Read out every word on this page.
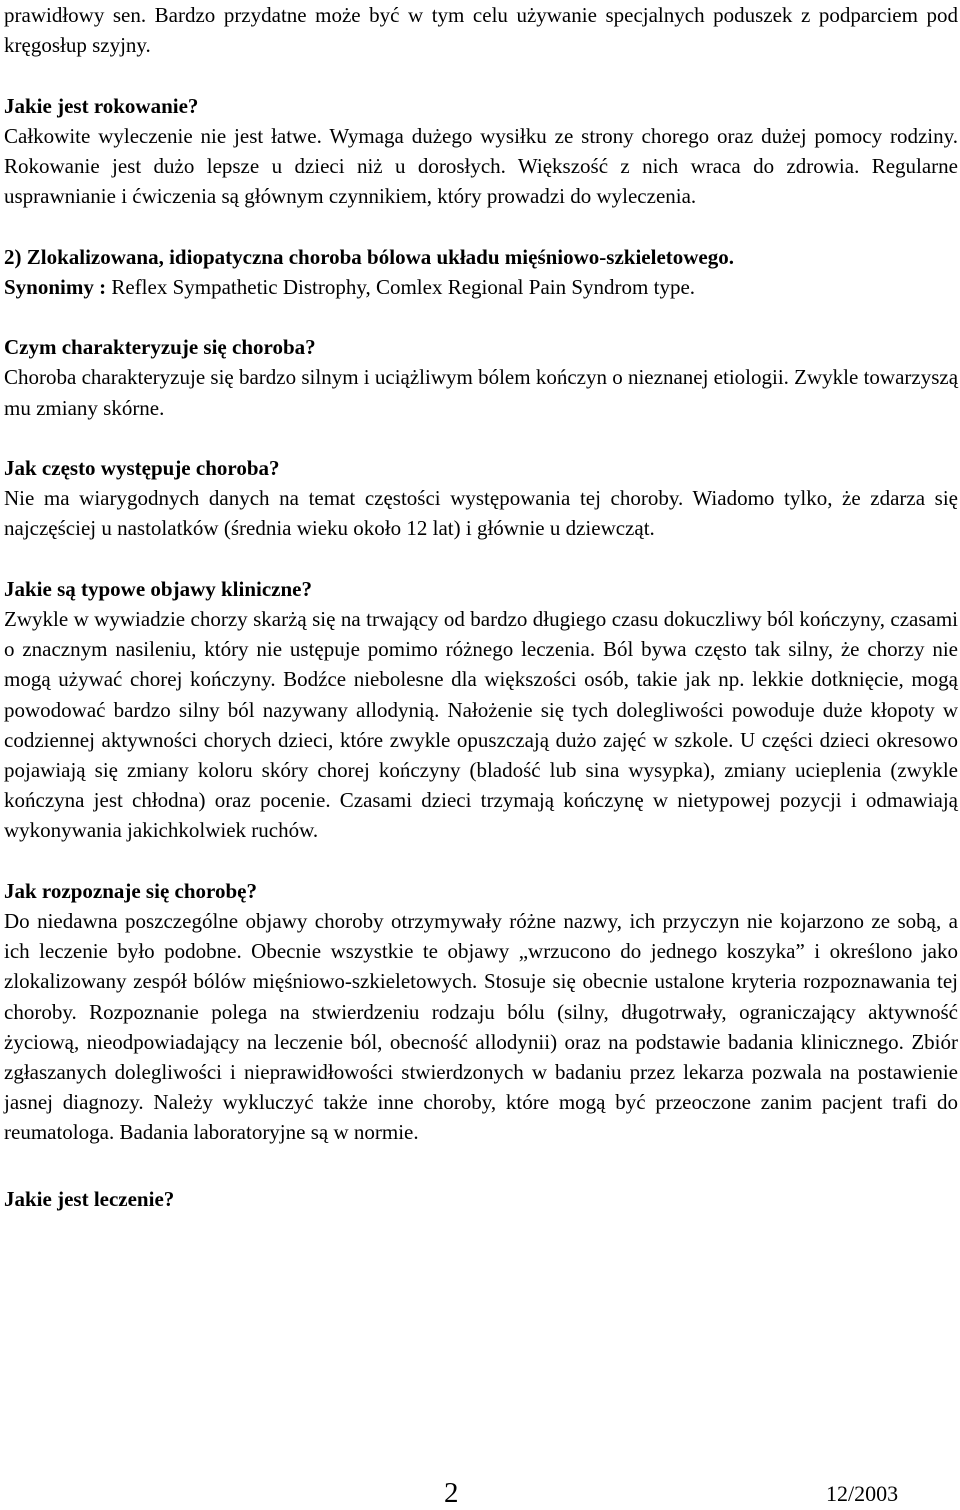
prawidłowy sen. Bardzo przydatne może być w tym celu używanie specjalnych poduszek z podparciem pod kręgosłup szyjny.

Jakie jest rokowanie?

Całkowite wyleczenie nie jest łatwe. Wymaga dużego wysiłku ze strony chorego oraz dużej pomocy rodziny. Rokowanie jest dużo lepsze u dzieci niż u dorosłych. Większość z nich wraca do zdrowia. Regularne usprawnianie i ćwiczenia są głównym czynnikiem, który prowadzi do wyleczenia.

2) Zlokalizowana, idiopatyczna choroba bólowa układu mięśniowo-szkieletowego.
Synonimy : Reflex Sympathetic Distrophy, Comlex Regional Pain Syndrom type.
Czym charakteryzuje się choroba?

Choroba charakteryzuje się bardzo silnym i uciążliwym bólem kończyn o nieznanej etiologii. Zwykle towarzyszą mu zmiany skórne.

Jak często występuje choroba?

Nie ma wiarygodnych danych na temat częstości występowania tej choroby. Wiadomo tylko, że zdarza się najczęściej u nastolatków (średnia wieku około 12 lat) i głównie u dziewcząt.

Jakie są typowe objawy kliniczne?

Zwykle w wywiadzie chorzy skarżą się na trwający od bardzo długiego czasu dokuczliwy ból kończyny, czasami o znacznym nasileniu, który nie ustępuje pomimo różnego leczenia. Ból bywa często tak silny, że chorzy nie mogą używać chorej kończyny. Bodźce niebolesne dla większości osób, takie jak np. lekkie dotknięcie, mogą powodować bardzo silny ból nazywany allodynią. Nałożenie się tych dolegliwości powoduje duże kłopoty w codziennej aktywności chorych dzieci, które zwykle opuszczają dużo zajęć w szkole. U części dzieci okresowo pojawiają się zmiany koloru skóry chorej kończyny (bladość lub sina wysypka), zmiany ucieplenia (zwykle kończyna jest chłodna) oraz pocenie. Czasami dzieci trzymają kończynę w nietypowej pozycji i odmawiają wykonywania jakichkolwiek ruchów.

Jak rozpoznaje się chorobę?

Do niedawna poszczególne objawy choroby otrzymywały różne nazwy, ich przyczyn nie kojarzono ze sobą, a ich leczenie było podobne. Obecnie wszystkie te objawy „wrzucono do jednego koszyka” i określono jako zlokalizowany zespół bólów mięśniowo-szkieletowych. Stosuje się obecnie ustalone kryteria rozpoznawania tej choroby. Rozpoznanie polega na stwierdzeniu rodzaju bólu (silny, długotrwały, ograniczający aktywność życiową, nieodpowiadający na leczenie ból, obecność allodynii) oraz na podstawie badania klinicznego. Zbiór zgłaszanych dolegliwości i nieprawidłowości stwierdzonych w badaniu przez lekarza pozwala na postawienie jasnej diagnozy. Należy wykluczyć także inne choroby, które mogą być przeoczone zanim pacjent trafi do reumatologa. Badania laboratoryjne są w normie.

Jakie jest leczenie?
2	12/2003
